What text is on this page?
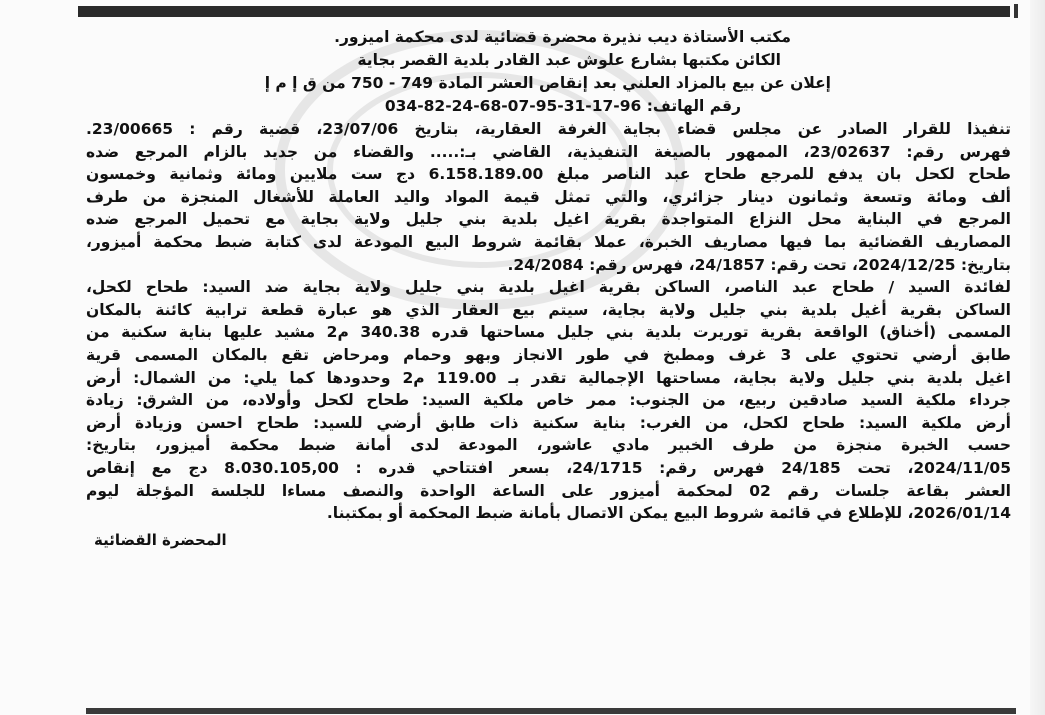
مكتب الأستاذة ديب نذيرة محضرة قضائية لدى محكمة اميزور.
الكائن مكتبها بشارع علوش عبد القادر بلدية القصر بجاية
إعلان عن بيع بالمزاد العلني بعد إنقاص العشر المادة 749 - 750 من ق إ م إ
رقم الهاتف: 96-17-31-95-07-68-24-82-034
تنفيذا للقرار الصادر عن مجلس قضاء بجاية الغرفة العقارية، بتاريخ 23/07/06، قضية رقم : 23/00665.
فهرس رقم: 23/02637، الممهور بالصيغة التنفيذية، القاضي بـ:..... والقضاء من جديد بالزام المرجع ضده
طحاح لكحل بان يدفع للمرجع طحاح عبد الناصر مبلغ 6.158.189.00 دج ست ملايين ومائة وثمانية وخمسون
ألف ومائة وتسعة وثمانون دينار جزائري، والتي تمثل قيمة المواد واليد العاملة للأشغال المنجزة من طرف
المرجع في البناية محل النزاع المتواجدة بقرية اغيل بلدية بني جليل ولاية بجاية مع تحميل المرجع ضده
المصاريف القضائية بما فيها مصاريف الخبرة، عملا بقائمة شروط البيع المودعة لدى كتابة ضبط محكمة أميزور،
بتاريخ: 2024/12/25، تحت رقم: 24/1857، فهرس رقم: 24/2084.
لفائدة السيد / طحاح عبد الناصر، الساكن بقرية اغيل بلدية بني جليل ولاية بجاية ضد السيد: طحاح لكحل،
الساكن بقرية أغيل بلدية بني جليل ولاية بجاية، سيتم بيع العقار الذي هو عبارة قطعة ترابية كائنة بالمكان
المسمى (أخناق) الواقعة بقرية توريرت بلدية بني جليل مساحتها قدره 340.38 م2 مشيد عليها بناية سكنية من
طابق أرضي تحتوي على 3 غرف ومطبخ في طور الانجاز وبهو وحمام ومرحاض تقع بالمكان المسمى قرية
اغيل بلدية بني جليل ولاية بجاية، مساحتها الإجمالية تقدر بـ 119.00 م2 وحدودها كما يلي: من الشمال: أرض
جرداء ملكية السيد صادقين ربيع، من الجنوب: ممر خاص ملكية السيد: طحاح لكحل وأولاده، من الشرق: زيادة
أرض ملكية السيد: طحاح لكحل، من الغرب: بناية سكنية ذات طابق أرضي للسيد: طحاح احسن وزيادة أرض
حسب الخبرة منجزة من طرف الخبير مادي عاشور، المودعة لدى أمانة ضبط محكمة أميزور، بتاريخ:
2024/11/05، تحت 24/185 فهرس رقم: 24/1715، بسعر افتتاحي قدره : 8.030.105,00 دج مع إنقاص
العشر بقاعة جلسات رقم 02 لمحكمة أميزور على الساعة الواحدة والنصف مساءا للجلسة المؤجلة ليوم
2026/01/14، للإطلاع في قائمة شروط البيع يمكن الاتصال بأمانة ضبط المحكمة أو بمكتبنا.
المحضرة القضائية
